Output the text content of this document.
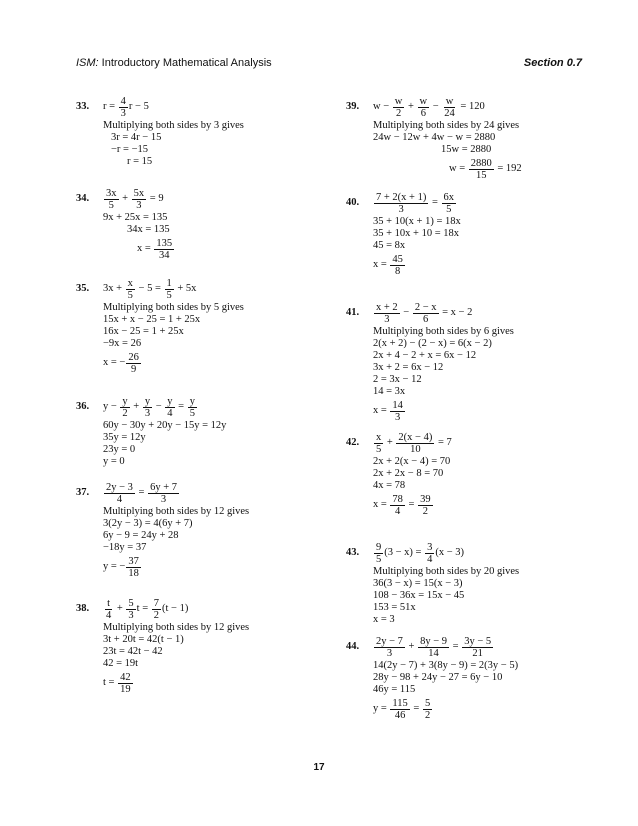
ISM: Introductory Mathematical Analysis	Section 0.7
33. $r = \frac{4}{3}$ r − 5
Multiplying both sides by 3 gives
3r = 4r − 15
−r = −15
r = 15
34. $\frac{3x}{5} + \frac{5x}{3} = 9$
9x + 25x = 135
34x = 135
$x = \frac{135}{34}$
35. $3x + \frac{x}{5} - 5 = \frac{1}{5} + 5x$
Multiplying both sides by 5 gives
15x + x − 25 = 1 + 25x
16x − 25 = 1 + 25x
−9x = 26
x = − $\frac{26}{9}$
36. $y - \frac{y}{2} + \frac{y}{3} - \frac{y}{4} = \frac{y}{5}$
60y − 30y + 20y − 15y = 12y
35y = 12y
23y = 0
y = 0
37. $\frac{2y - 3}{4} = \frac{6y + 7}{3}$
Multiplying both sides by 12 gives
3(2y − 3) = 4(6y + 7)
6y − 9 = 24y + 28
−18y = 37
y = − $\frac{37}{18}$
38. $\frac{t}{4} + \frac{5}{3}$ $t = \frac{7}{2} (t - 1)$
Multiplying both sides by 12 gives
3t + 20t = 42(t − 1)
23t = 42t − 42
42 = 19t
$t = \frac{42}{19}$
39. $w - \frac{w}{2} + \frac{w}{6} - \frac{w}{24} = 120$
Multiplying both sides by 24 gives
24w − 12w + 4w − w = 2880
15w = 2880
$w = \frac{2880}{15} = 192$
40. $\frac{7 + 2(x + 1)}{3} = \frac{6x}{5}$
35 + 10(x + 1) = 18x
35 + 10x + 10 = 18x
45 = 8x
$x = \frac{45}{8}$
41. $\frac{x + 2}{3} - \frac{2 - x}{6} = x - 2$
Multiplying both sides by 6 gives
2(x + 2) − (2 − x) = 6(x − 2)
2x + 4 − 2 + x = 6x − 12
3x + 2 = 6x − 12
2 = 3x − 12
14 = 3x
$x = \frac{14}{3}$
42. $\frac{x}{5} + \frac{2(x - 4)}{10} = 7$
2x + 2(x − 4) = 70
2x + 2x − 8 = 70
4x = 78
$x = \frac{78}{4} = \frac{39}{2}$
43. $\frac{9}{5} (3 - x) = \frac{3}{4} (x - 3)$
Multiplying both sides by 20 gives
36(3 − x) = 15(x − 3)
108 − 36x = 15x − 45
153 = 51x
x = 3
44. $\frac{2y - 7}{3} + \frac{8y - 9}{14} = \frac{3y - 5}{21}$
14(2y − 7) + 3(8y − 9) = 2(3y − 5)
28y − 98 + 24y − 27 = 6y − 10
46y = 115
$y = \frac{115}{46} = \frac{5}{2}$
17
